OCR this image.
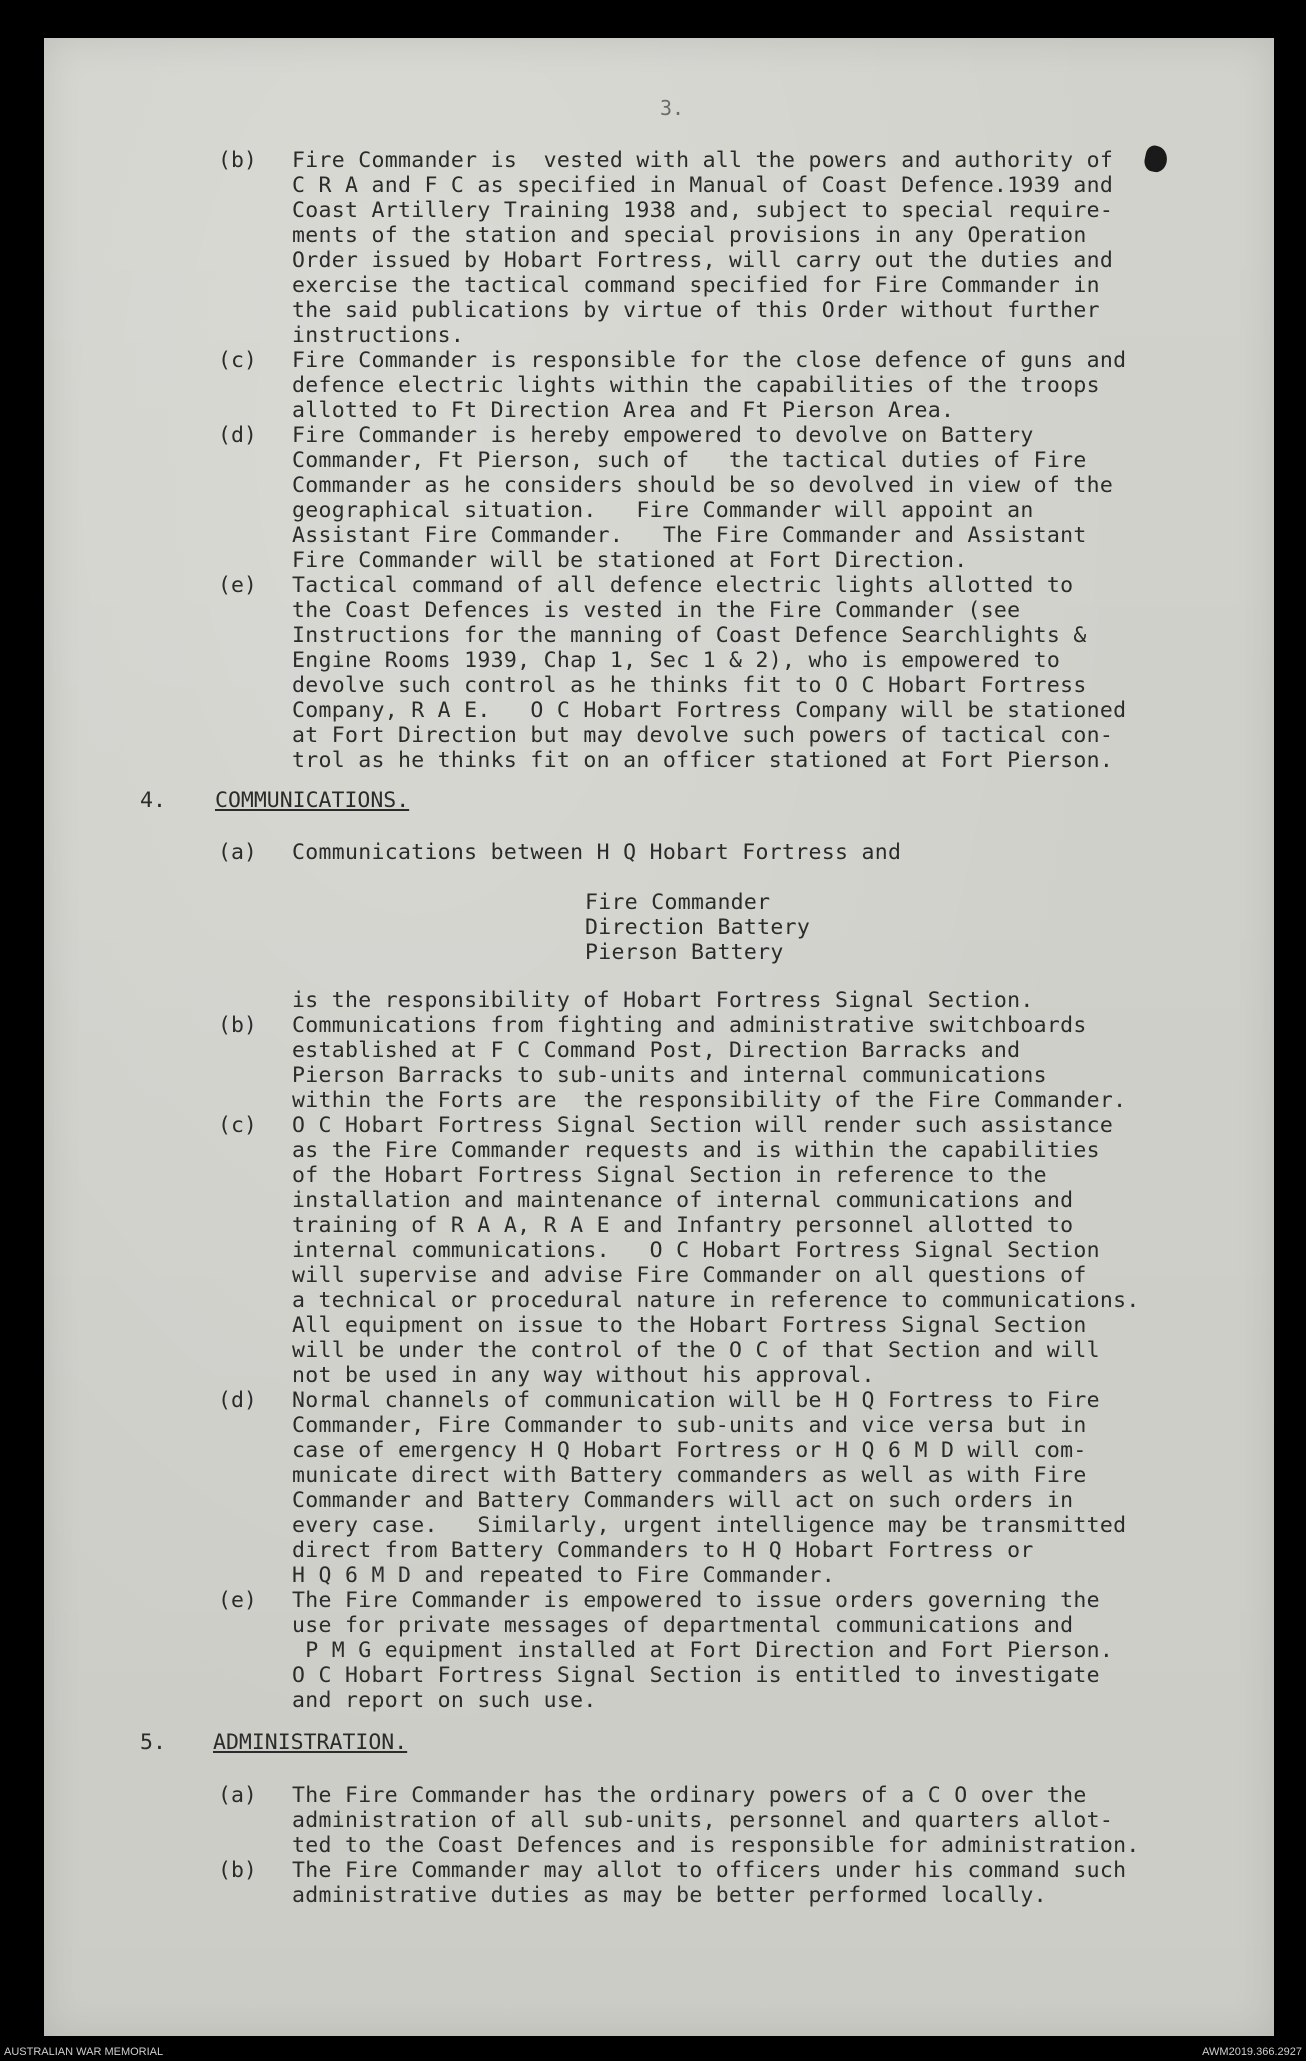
3.
(b) Fire Commander is  vested with all the powers and authority of
C R A and F C as specified in Manual of Coast Defence.1939 and
Coast Artillery Training 1938 and, subject to special require-
ments of the station and special provisions in any Operation
Order issued by Hobart Fortress, will carry out the duties and
exercise the tactical command specified for Fire Commander in
the said publications by virtue of this Order without further
instructions.
(c) Fire Commander is responsible for the close defence of guns and
defence electric lights within the capabilities of the troops
allotted to Ft Direction Area and Ft Pierson Area.
(d) Fire Commander is hereby empowered to devolve on Battery
Commander, Ft Pierson, such of   the tactical duties of Fire
Commander as he considers should be so devolved in view of the
geographical situation.   Fire Commander will appoint an
Assistant Fire Commander.   The Fire Commander and Assistant
Fire Commander will be stationed at Fort Direction.
(e) Tactical command of all defence electric lights allotted to
the Coast Defences is vested in the Fire Commander (see
Instructions for the manning of Coast Defence Searchlights &
Engine Rooms 1939, Chap 1, Sec 1 & 2), who is empowered to
devolve such control as he thinks fit to O C Hobart Fortress
Company, R A E.   O C Hobart Fortress Company will be stationed
at Fort Direction but may devolve such powers of tactical con-
trol as he thinks fit on an officer stationed at Fort Pierson.
4. COMMUNICATIONS.
(a) Communications between H Q Hobart Fortress and
Fire Commander
Direction Battery
Pierson Battery
is the responsibility of Hobart Fortress Signal Section.
(b) Communications from fighting and administrative switchboards
established at F C Command Post, Direction Barracks and
Pierson Barracks to sub-units and internal communications
within the Forts are  the responsibility of the Fire Commander.
(c) O C Hobart Fortress Signal Section will render such assistance
as the Fire Commander requests and is within the capabilities
of the Hobart Fortress Signal Section in reference to the
installation and maintenance of internal communications and
training of R A A, R A E and Infantry personnel allotted to
internal communications.   O C Hobart Fortress Signal Section
will supervise and advise Fire Commander on all questions of
a technical or procedural nature in reference to communications.
All equipment on issue to the Hobart Fortress Signal Section
will be under the control of the O C of that Section and will
not be used in any way without his approval.
(d) Normal channels of communication will be H Q Fortress to Fire
Commander, Fire Commander to sub-units and vice versa but in
case of emergency H Q Hobart Fortress or H Q 6 M D will com-
municate direct with Battery commanders as well as with Fire
Commander and Battery Commanders will act on such orders in
every case.   Similarly, urgent intelligence may be transmitted
direct from Battery Commanders to H Q Hobart Fortress or
H Q 6 M D and repeated to Fire Commander.
(e) The Fire Commander is empowered to issue orders governing the
use for private messages of departmental communications and
P M G equipment installed at Fort Direction and Fort Pierson.
O C Hobart Fortress Signal Section is entitled to investigate
and report on such use.
5. ADMINISTRATION.
(a) The Fire Commander has the ordinary powers of a C O over the
administration of all sub-units, personnel and quarters allot-
ted to the Coast Defences and is responsible for administration.
(b) The Fire Commander may allot to officers under his command such
administrative duties as may be better performed locally.
AUSTRALIAN WAR MEMORIAL	AWM2019.366.2927
